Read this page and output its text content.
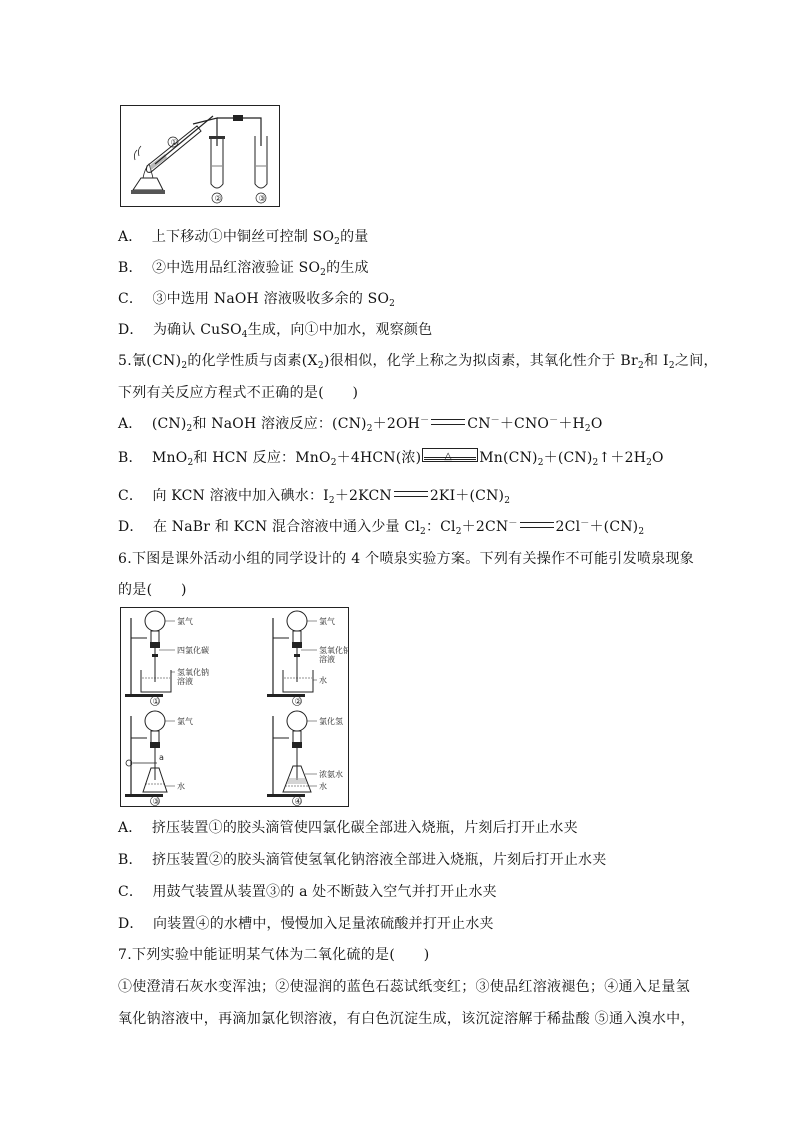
①
②	③
A． 上下移动①中铜丝可控制 $SO_2$的量
B． ②中选用品红溶液验证 $SO_2$的生成
C． ③中选用 NaOH 溶液吸收多余的 $SO_2$
D． 为确认 CuSO$_4$生成，向①中加水，观察颜色
5.氰$(CN)_2$的化学性质与卤素$(X_2)$很相似，化学上称之为拟卤素，其氧化性介于 $Br_2$和 $I_2$之间，
下列有关反应方程式不正确的是(　　)
A． $(CN)_2$和 NaOH 溶液反应：$(CN)_2+2OH^-$	$CN^-+CNO^-+H_2O$
B． MnO$_2$和 HCN 反应：MnO$_2$＋4HCN(浓)	$Mn(CN)_2+(CN)_2↑+2H_2O$
C． 向 KCN 溶液中加入碘水：$I_2+2KCN$	$2KI+(CN)_2$
D． 在 NaBr 和 KCN 混合溶液中通入少量 $Cl_2$：$Cl_2+2CN^-$	$2Cl^-+(CN)_2$
6.下图是课外活动小组的同学设计的 4 个喷泉实验方案。下列有关操作不可能引发喷泉现象
的是(　　)
氯气
四氯化碳
氢氧化钠
溶液
①
氯气
氢氧化钠
溶液
水
②
a
氯气
水
③
氯化氢
浓氨水
水
④
A． 挤压装置①的胶头滴管使四氯化碳全部进入烧瓶，片刻后打开止水夹
B． 挤压装置②的胶头滴管使氢氧化钠溶液全部进入烧瓶，片刻后打开止水夹
C． 用鼓气装置从装置③的 a 处不断鼓入空气并打开止水夹
D． 向装置④的水槽中，慢慢加入足量浓硫酸并打开止水夹
7.下列实验中能证明某气体为二氧化硫的是(　　)
①使澄清石灰水变浑浊；②使湿润的蓝色石蕊试纸变红；③使品红溶液褪色；④通入足量氢
氧化钠溶液中，再滴加氯化钡溶液，有白色沉淀生成，该沉淀溶解于稀盐酸 ⑤通入溴水中，
